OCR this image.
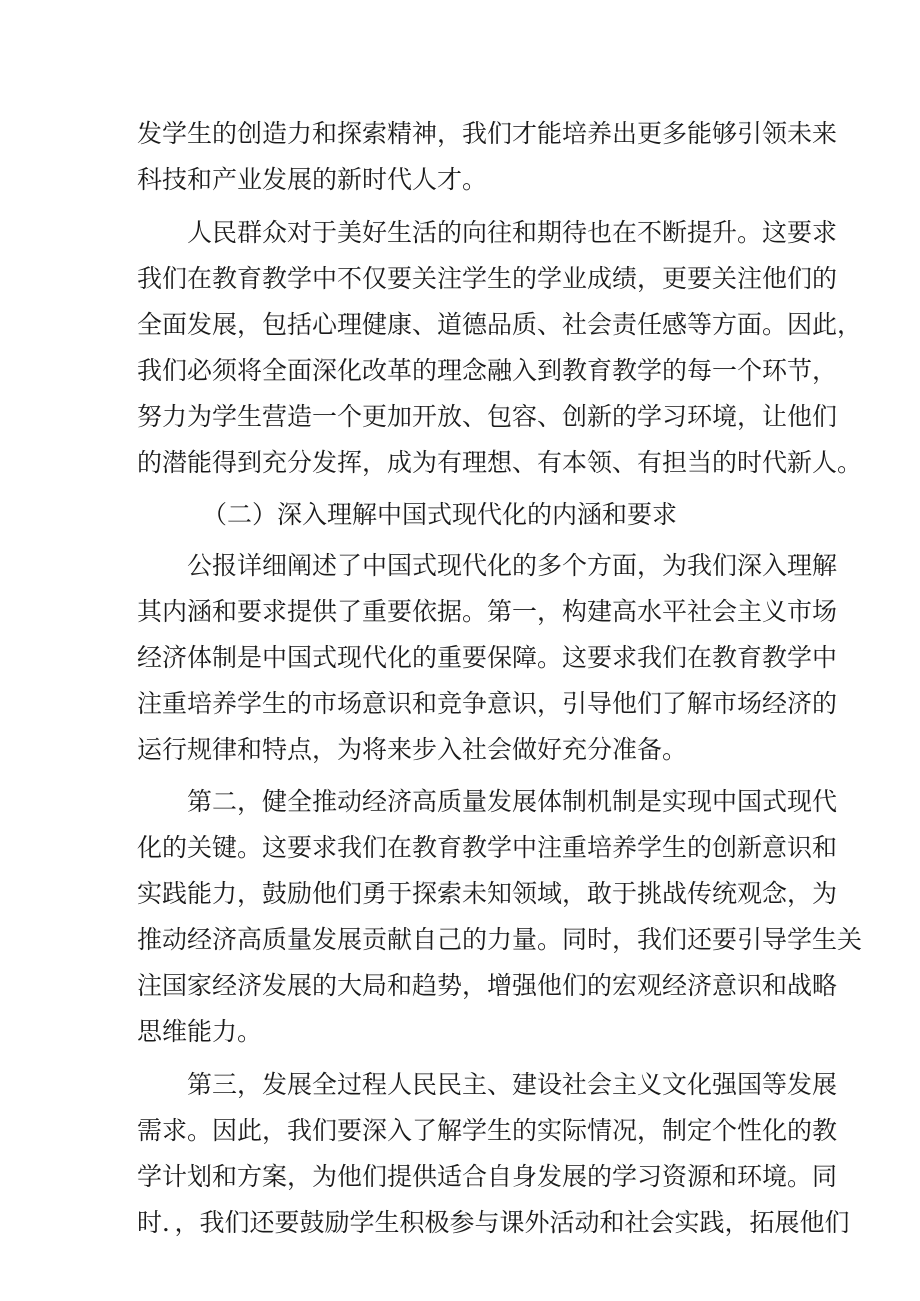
发学生的创造力和探索精神，我们才能培养出更多能够引领未来
科技和产业发展的新时代人才。
人民群众对于美好生活的向往和期待也在不断提升。这要求
我们在教育教学中不仅要关注学生的学业成绩，更要关注他们的
全面发展，包括心理健康、道德品质、社会责任感等方面。因此，
我们必须将全面深化改革的理念融入到教育教学的每一个环节，
努力为学生营造一个更加开放、包容、创新的学习环境，让他们
的潜能得到充分发挥，成为有理想、有本领、有担当的时代新人。
（二）深入理解中国式现代化的内涵和要求
公报详细阐述了中国式现代化的多个方面，为我们深入理解
其内涵和要求提供了重要依据。第一，构建高水平社会主义市场
经济体制是中国式现代化的重要保障。这要求我们在教育教学中
注重培养学生的市场意识和竞争意识，引导他们了解市场经济的
运行规律和特点，为将来步入社会做好充分准备。
第二，健全推动经济高质量发展体制机制是实现中国式现代
化的关键。这要求我们在教育教学中注重培养学生的创新意识和
实践能力，鼓励他们勇于探索未知领域，敢于挑战传统观念，为
推动经济高质量发展贡献自己的力量。同时，我们还要引导学生关
注国家经济发展的大局和趋势，增强他们的宏观经济意识和战略
思维能力。
第三，发展全过程人民民主、建设社会主义文化强国等发展
需求。因此，我们要深入了解学生的实际情况，制定个性化的教
学计划和方案，为他们提供适合自身发展的学习资源和环境。同
时．，我们还要鼓励学生积极参与课外活动和社会实践，拓展他们
